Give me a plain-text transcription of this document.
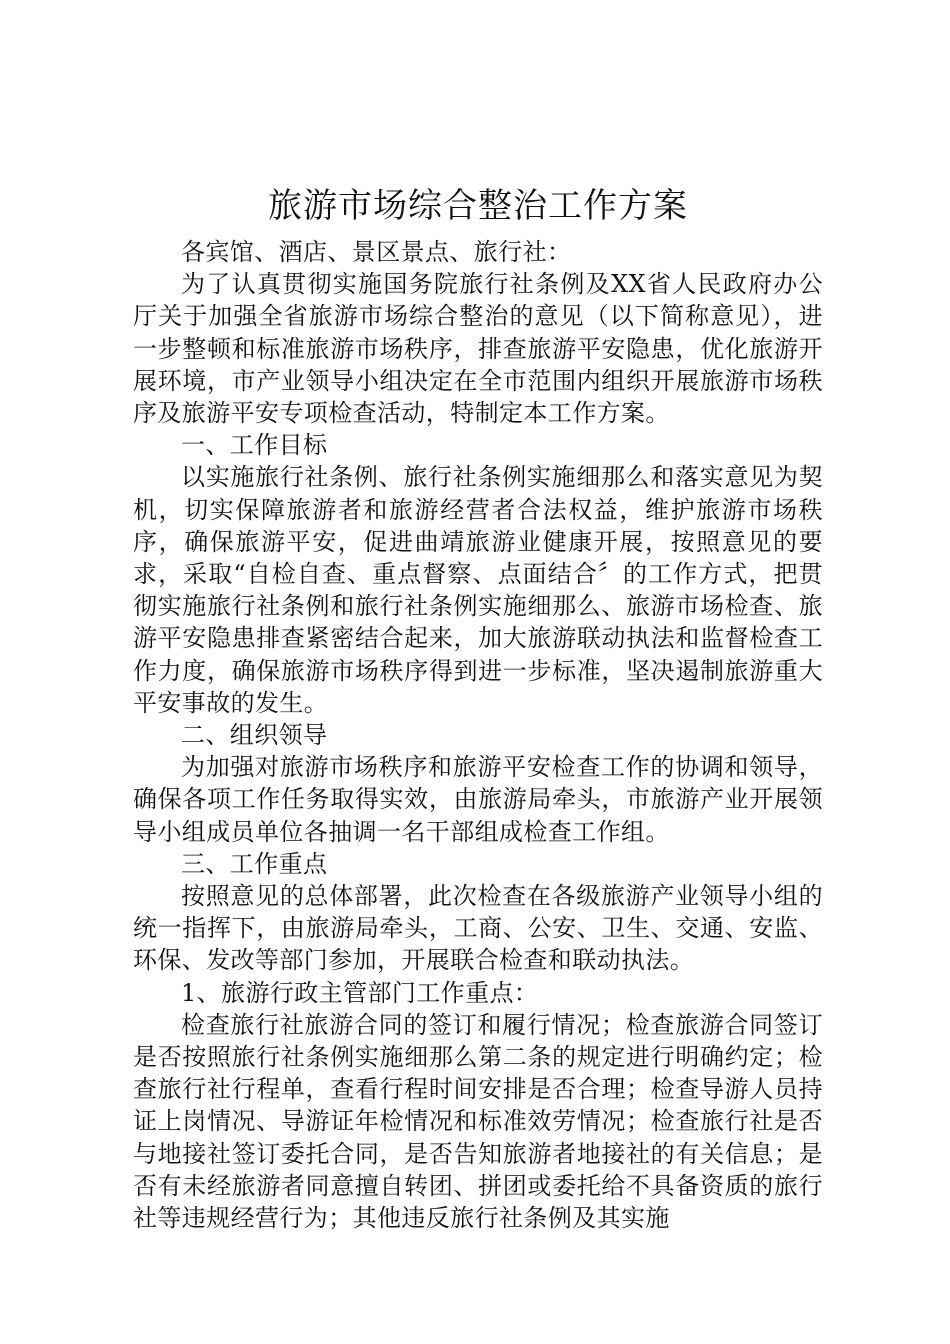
旅游市场综合整治工作方案

各宾馆、酒店、景区景点、旅行社：

为了认真贯彻实施国务院旅行社条例及XX省人民政府办公厅关于加强全省旅游市场综合整治的意见（以下简称意见），进一步整顿和标准旅游市场秩序，排查旅游平安隐患，优化旅游开展环境，市产业领导小组决定在全市范围内组织开展旅游市场秩序及旅游平安专项检查活动，特制定本工作方案。

一、工作目标

以实施旅行社条例、旅行社条例实施细那么和落实意见为契机，切实保障旅游者和旅游经营者合法权益，维护旅游市场秩序，确保旅游平安，促进曲靖旅游业健康开展，按照意见的要求，采取“自检自查、重点督察、点面结合〞的工作方式，把贯彻实施旅行社条例和旅行社条例实施细那么、旅游市场检查、旅游平安隐患排查紧密结合起来，加大旅游联动执法和监督检查工作力度，确保旅游市场秩序得到进一步标准，坚决遏制旅游重大平安事故的发生。

二、组织领导

为加强对旅游市场秩序和旅游平安检查工作的协调和领导，确保各项工作任务取得实效，由旅游局牵头，市旅游产业开展领导小组成员单位各抽调一名干部组成检查工作组。

三、工作重点

按照意见的总体部署，此次检查在各级旅游产业领导小组的统一指挥下，由旅游局牵头，工商、公安、卫生、交通、安监、环保、发改等部门参加，开展联合检查和联动执法。

1、旅游行政主管部门工作重点：

检查旅行社旅游合同的签订和履行情况；检查旅游合同签订是否按照旅行社条例实施细那么第二条的规定进行明确约定；检查旅行社行程单，查看行程时间安排是否合理；检查导游人员持证上岗情况、导游证年检情况和标准效劳情况；检查旅行社是否与地接社签订委托合同，是否告知旅游者地接社的有关信息；是否有未经旅游者同意擅自转团、拼团或委托给不具备资质的旅行社等违规经营行为；其他违反旅行社条例及其实施
